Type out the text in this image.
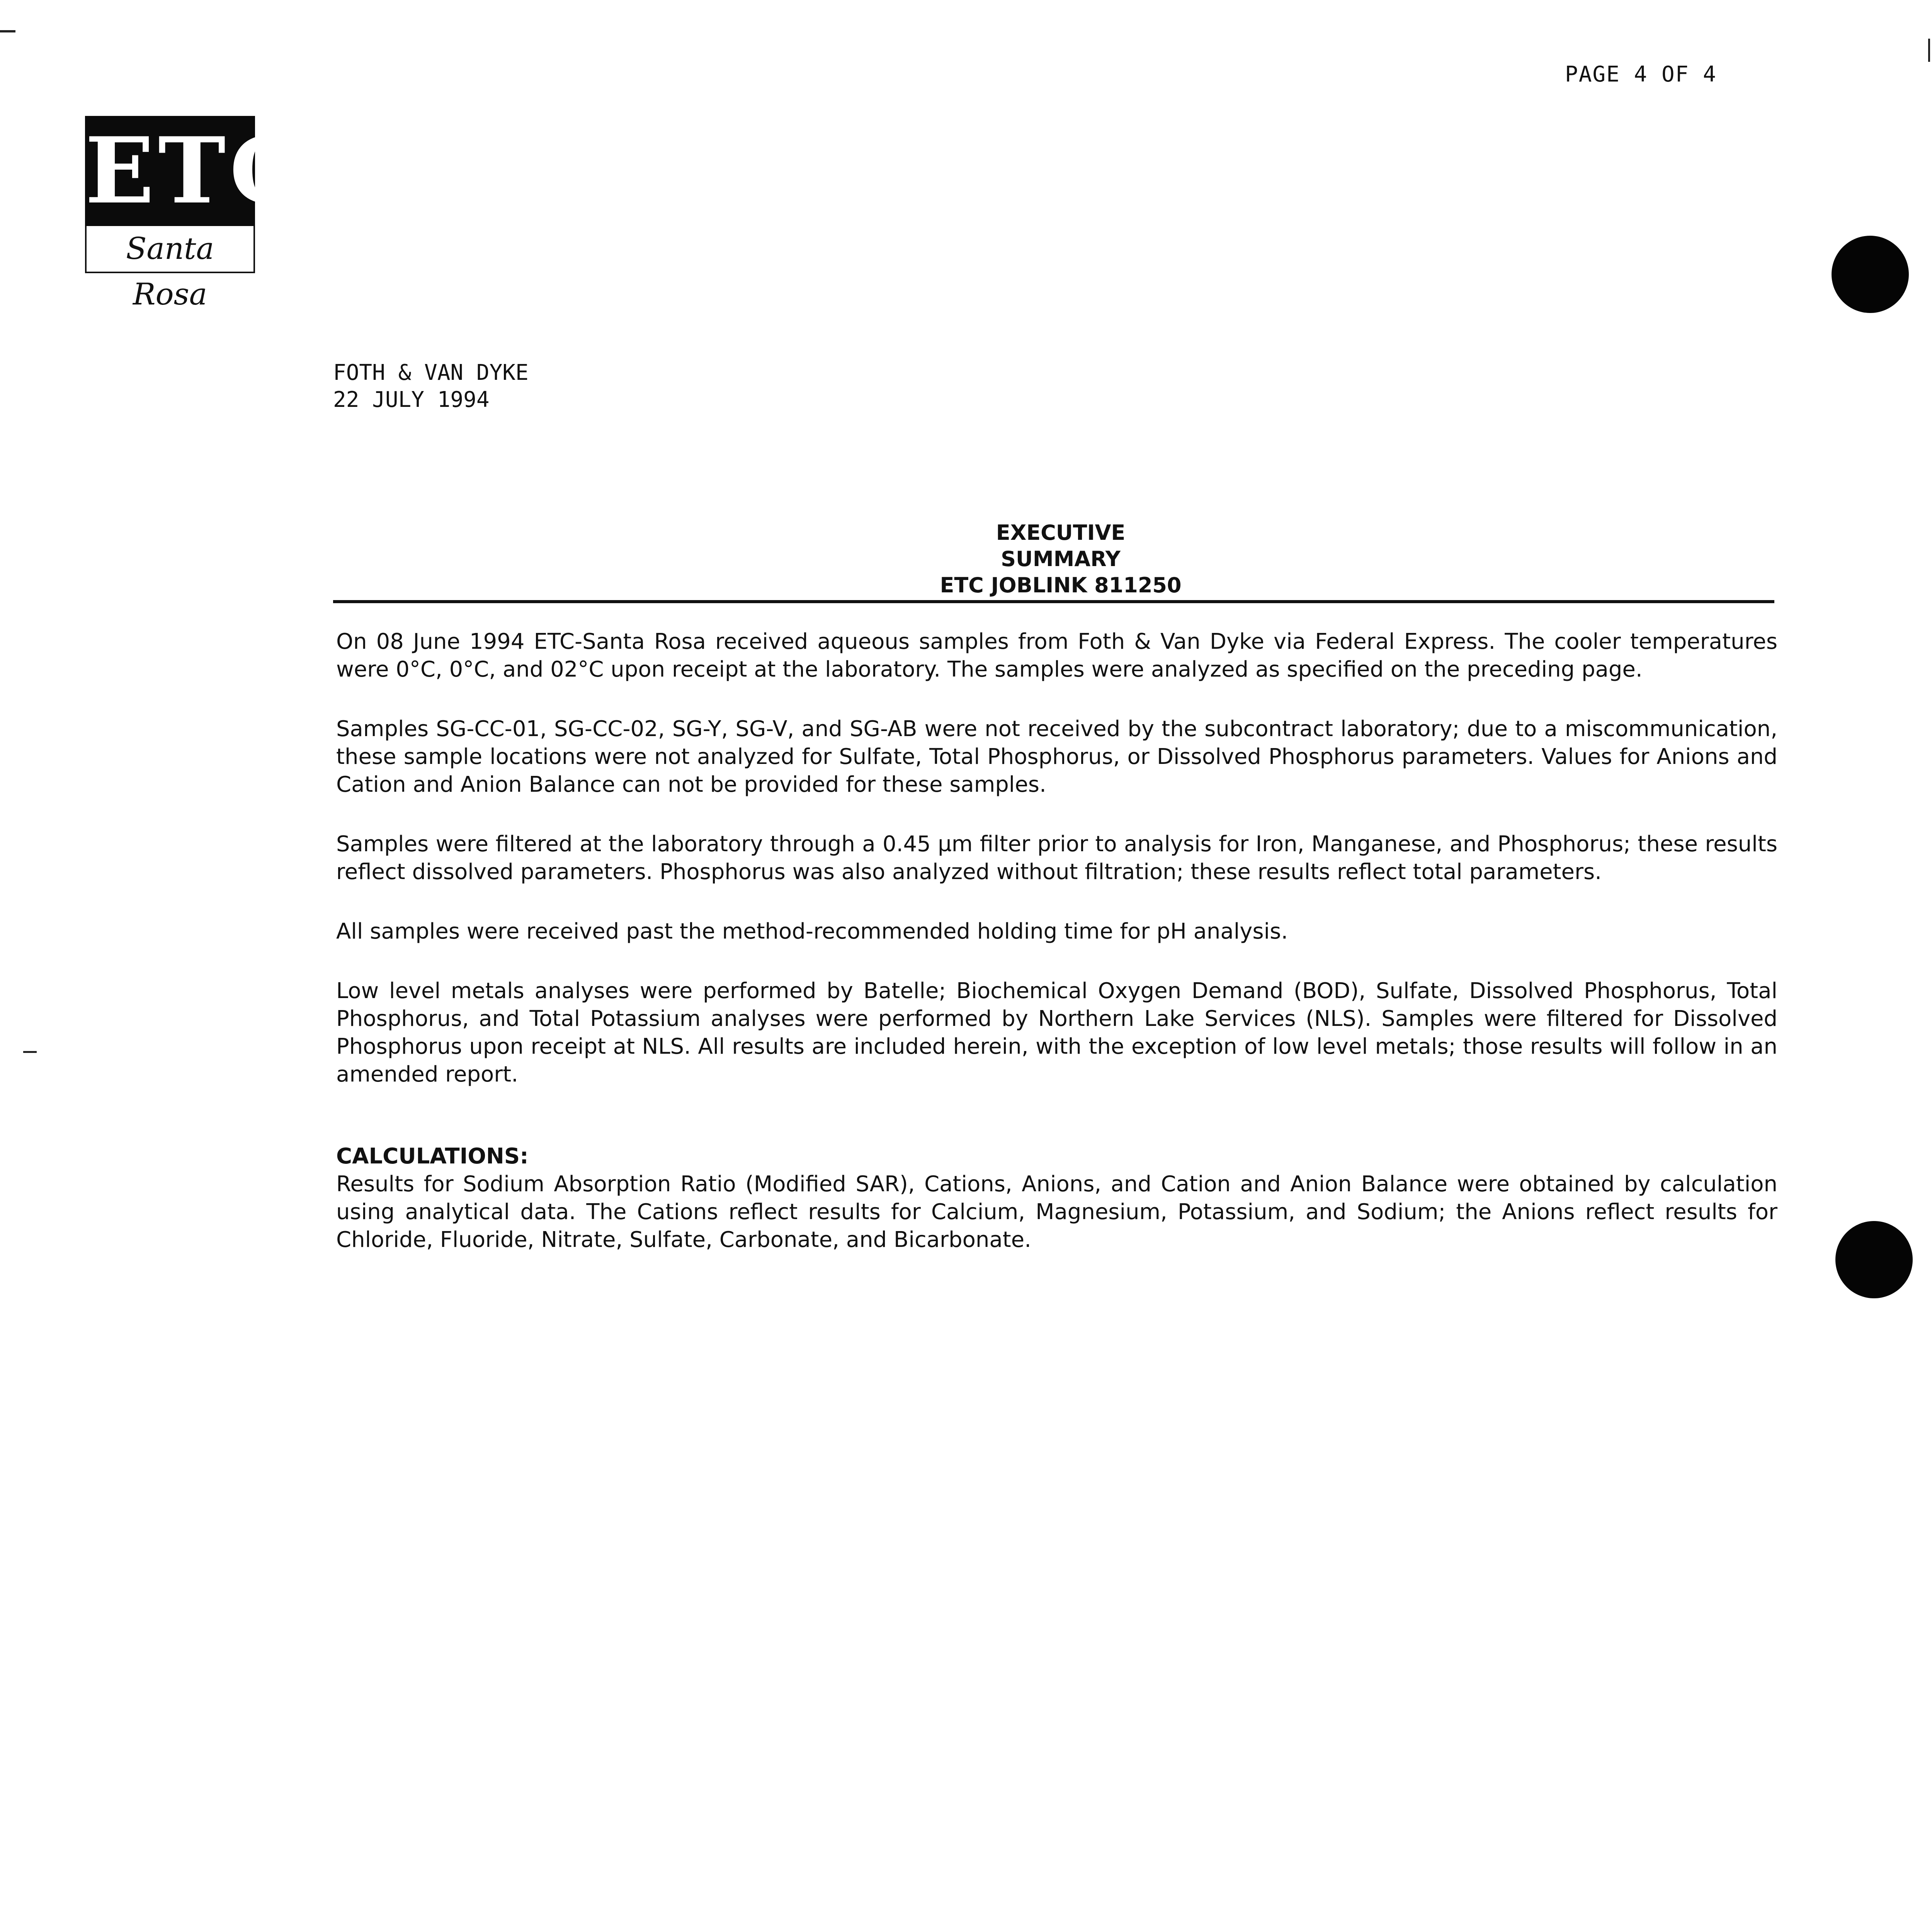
PAGE 4 OF 4
ETC
Santa Rosa
FOTH & VAN DYKE
22 JULY 1994
EXECUTIVE SUMMARY
ETC JOBLINK 811250

On 08 June 1994 ETC-Santa Rosa received aqueous samples from Foth & Van Dyke via Federal Express. The cooler temperatures were 0°C, 0°C, and 02°C upon receipt at the laboratory. The samples were analyzed as specified on the preceding page.

Samples SG-CC-01, SG-CC-02, SG-Y, SG-V, and SG-AB were not received by the subcontract laboratory; due to a miscommunication, these sample locations were not analyzed for Sulfate, Total Phosphorus, or Dissolved Phosphorus parameters. Values for Anions and Cation and Anion Balance can not be provided for these samples.

Samples were filtered at the laboratory through a 0.45 µm filter prior to analysis for Iron, Manganese, and Phosphorus; these results reflect dissolved parameters. Phosphorus was also analyzed without filtration; these results reflect total parameters.

All samples were received past the method-recommended holding time for pH analysis.

Low level metals analyses were performed by Batelle; Biochemical Oxygen Demand (BOD), Sulfate, Dissolved Phosphorus, Total Phosphorus, and Total Potassium analyses were performed by Northern Lake Services (NLS). Samples were filtered for Dissolved Phosphorus upon receipt at NLS. All results are included herein, with the exception of low level metals; those results will follow in an amended report.

CALCULATIONS:

Results for Sodium Absorption Ratio (Modified SAR), Cations, Anions, and Cation and Anion Balance were obtained by calculation using analytical data. The Cations reflect results for Calcium, Magnesium, Potassium, and Sodium; the Anions reflect results for Chloride, Fluoride, Nitrate, Sulfate, Carbonate, and Bicarbonate.
